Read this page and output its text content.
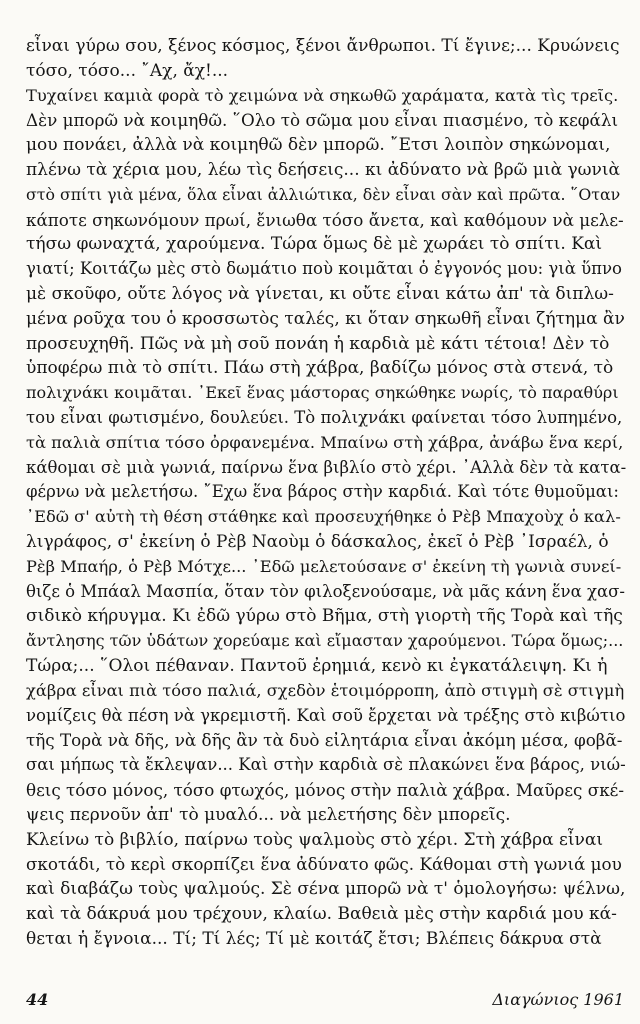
εἶναι γύρω σου, ξένος κόσμος, ξένοι ἄνθρωποι. Τί ἔγινε;... Κρυώνεις
τόσο, τόσο... ῎Αχ, ἄχ!...
Τυχαίνει καμιὰ φορὰ τὸ χειμώνα νὰ σηκωθῶ χαράματα, κατὰ τὶς τρεῖς.
Δὲν μπορῶ νὰ κοιμηθῶ. ῞Ολο τὸ σῶμα μου εἶναι πιασμένο, τὸ κεφάλι
μου πονάει, ἀλλὰ νὰ κοιμηθῶ δὲν μπορῶ. ῎Ετσι λοιπὸν σηκώνομαι,
πλένω τὰ χέρια μου, λέω τὶς δεήσεις... κι ἀδύνατο νὰ βρῶ μιὰ γωνιὰ
στὸ σπίτι γιὰ μένα, ὅλα εἶναι ἀλλιώτικα, δὲν εἶναι σὰν καὶ πρῶτα. ῞Οταν
κάποτε σηκωνόμουν πρωί, ἔνιωθα τόσο ἄνετα, καὶ καθόμουν νὰ μελε-
τήσω φωναχτά, χαρούμενα. Τώρα ὅμως δὲ μὲ χωράει τὸ σπίτι. Καὶ
γιατί; Κοιτάζω μὲς στὸ δωμάτιο ποὺ κοιμᾶται ὁ ἐγγονός μου: γιὰ ὕπνο
μὲ σκοῦφο, οὔτε λόγος νὰ γίνεται, κι οὔτε εἶναι κάτω ἀπ' τὰ διπλω-
μένα ροῦχα του ὁ κροσσωτὸς ταλές, κι ὅταν σηκωθῆ εἶναι ζήτημα ἂν
προσευχηθῆ. Πῶς νὰ μὴ σοῦ πονάη ἡ καρδιὰ μὲ κάτι τέτοια! Δὲν τὸ
ὑποφέρω πιὰ τὸ σπίτι. Πάω στὴ χάβρα, βαδίζω μόνος στὰ στενά, τὸ
πολιχνάκι κοιμᾶται. ᾿Εκεῖ ἕνας μάστορας σηκώθηκε νωρίς, τὸ παραθύρι
του εἶναι φωτισμένο, δουλεύει. Τὸ πολιχνάκι φαίνεται τόσο λυπημένο,
τὰ παλιὰ σπίτια τόσο ὀρφανεμένα. Μπαίνω στὴ χάβρα, ἀνάβω ἕνα κερί,
κάθομαι σὲ μιὰ γωνιά, παίρνω ἕνα βιβλίο στὸ χέρι. ᾿Αλλὰ δὲν τὰ κατα-
φέρνω νὰ μελετήσω. ῎Εχω ἕνα βάρος στὴν καρδιά. Καὶ τότε θυμοῦμαι:
᾿Εδῶ σ' αὐτὴ τὴ θέση στάθηκε καὶ προσευχήθηκε ὁ Ρὲβ Μπαχοὺχ ὁ καλ-
λιγράφος, σ' ἐκείνη ὁ Ρὲβ Ναοὺμ ὁ δάσκαλος, ἐκεῖ ὁ Ρὲβ ᾿Ισραέλ, ὁ
Ρὲβ Μπαήρ, ὁ Ρὲβ Μότχε... ᾿Εδῶ μελετούσανε σ' ἐκείνη τὴ γωνιὰ συνεί-
θιζε ὁ Μπάαλ Μασπία, ὅταν τὸν φιλοξενούσαμε, νὰ μᾶς κάνη ἕνα χασ-
σιδικὸ κήρυγμα. Κι ἐδῶ γύρω στὸ Βῆμα, στὴ γιορτὴ τῆς Τορὰ καὶ τῆς
ἄντλησης τῶν ὑδάτων χορεύαμε καὶ εἴμασταν χαρούμενοι. Τώρα ὅμως;...
Τώρα;... ῞Ολοι πέθαναν. Παντοῦ ἐρημιά, κενὸ κι ἐγκατάλειψη. Κι ἡ
χάβρα εἶναι πιὰ τόσο παλιά, σχεδὸν ἑτοιμόρροπη, ἀπὸ στιγμὴ σὲ στιγμὴ
νομίζεις θὰ πέση νὰ γκρεμιστῆ. Καὶ σοῦ ἔρχεται νὰ τρέξης στὸ κιβώτιο
τῆς Τορὰ νὰ δῆς, νὰ δῆς ἂν τὰ δυὸ εἰλητάρια εἶναι ἀκόμη μέσα, φοβᾶ-
σαι μήπως τὰ ἔκλεψαν... Καὶ στὴν καρδιὰ σὲ πλακώνει ἕνα βάρος, νιώ-
θεις τόσο μόνος, τόσο φτωχός, μόνος στὴν παλιὰ χάβρα. Μαῦρες σκέ-
ψεις περνοῦν ἀπ' τὸ μυαλό... νὰ μελετήσης δὲν μπορεῖς.
Κλείνω τὸ βιβλίο, παίρνω τοὺς ψαλμοὺς στὸ χέρι. Στὴ χάβρα εἶναι
σκοτάδι, τὸ κερὶ σκορπίζει ἕνα ἀδύνατο φῶς. Κάθομαι στὴ γωνιά μου
καὶ διαβάζω τοὺς ψαλμούς. Σὲ σένα μπορῶ νὰ τ' ὁμολογήσω: ψέλνω,
καὶ τὰ δάκρυά μου τρέχουν, κλαίω. Βαθειὰ μὲς στὴν καρδιά μου κά-
θεται ἡ ἔγνοια... Τί; Τί λές; Τί μὲ κοιτάζ ἔτσι; Βλέπεις δάκρυα στὰ
44	Διαγώνιος 1961
